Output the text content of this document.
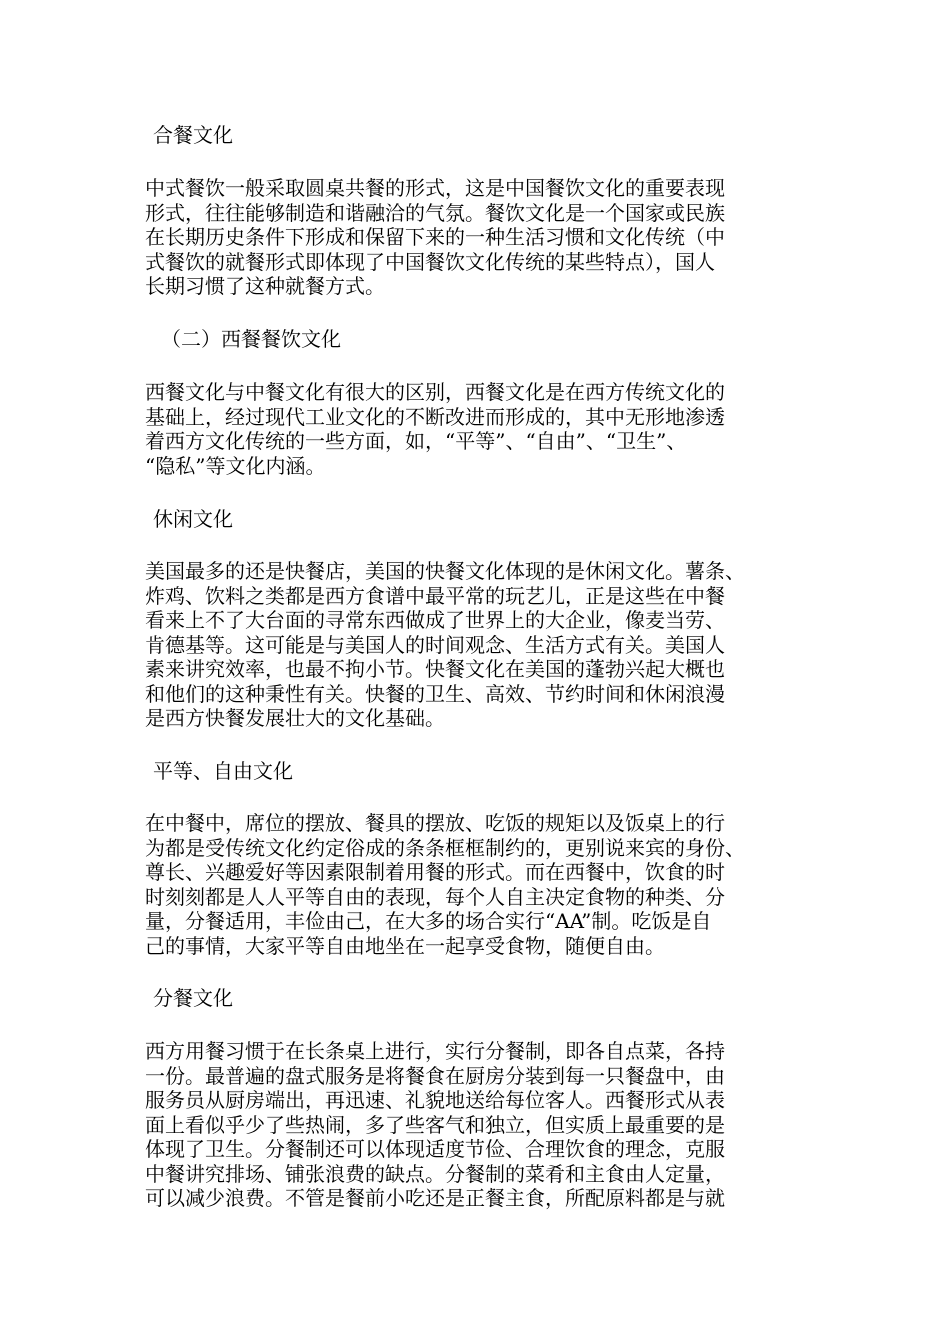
合餐文化
中式餐饮一般采取圆桌共餐的形式，这是中国餐饮文化的重要表现
形式，往往能够制造和谐融洽的气氛。餐饮文化是一个国家或民族
在长期历史条件下形成和保留下来的一种生活习惯和文化传统（中
式餐饮的就餐形式即体现了中国餐饮文化传统的某些特点），国人
长期习惯了这种就餐方式。
（二）西餐餐饮文化
西餐文化与中餐文化有很大的区别，西餐文化是在西方传统文化的
基础上，经过现代工业文化的不断改进而形成的，其中无形地渗透
着西方文化传统的一些方面，如，“平等”、“自由”、“卫生”、
“隐私”等文化内涵。
休闲文化
美国最多的还是快餐店，美国的快餐文化体现的是休闲文化。薯条、
炸鸡、饮料之类都是西方食谱中最平常的玩艺儿，正是这些在中餐
看来上不了大台面的寻常东西做成了世界上的大企业，像麦当劳、
肯德基等。这可能是与美国人的时间观念、生活方式有关。美国人
素来讲究效率，也最不拘小节。快餐文化在美国的蓬勃兴起大概也
和他们的这种秉性有关。快餐的卫生、高效、节约时间和休闲浪漫
是西方快餐发展壮大的文化基础。
平等、自由文化
在中餐中，席位的摆放、餐具的摆放、吃饭的规矩以及饭桌上的行
为都是受传统文化约定俗成的条条框框制约的，更别说来宾的身份、
尊长、兴趣爱好等因素限制着用餐的形式。而在西餐中，饮食的时
时刻刻都是人人平等自由的表现，每个人自主决定食物的种类、分
量，分餐适用，丰俭由己，在大多的场合实行“AA”制。吃饭是自
己的事情，大家平等自由地坐在一起享受食物，随便自由。
分餐文化
西方用餐习惯于在长条桌上进行，实行分餐制，即各自点菜，各持
一份。最普遍的盘式服务是将餐食在厨房分装到每一只餐盘中，由
服务员从厨房端出，再迅速、礼貌地送给每位客人。西餐形式从表
面上看似乎少了些热闹，多了些客气和独立，但实质上最重要的是
体现了卫生。分餐制还可以体现适度节俭、合理饮食的理念，克服
中餐讲究排场、铺张浪费的缺点。分餐制的菜肴和主食由人定量，
可以减少浪费。不管是餐前小吃还是正餐主食，所配原料都是与就
